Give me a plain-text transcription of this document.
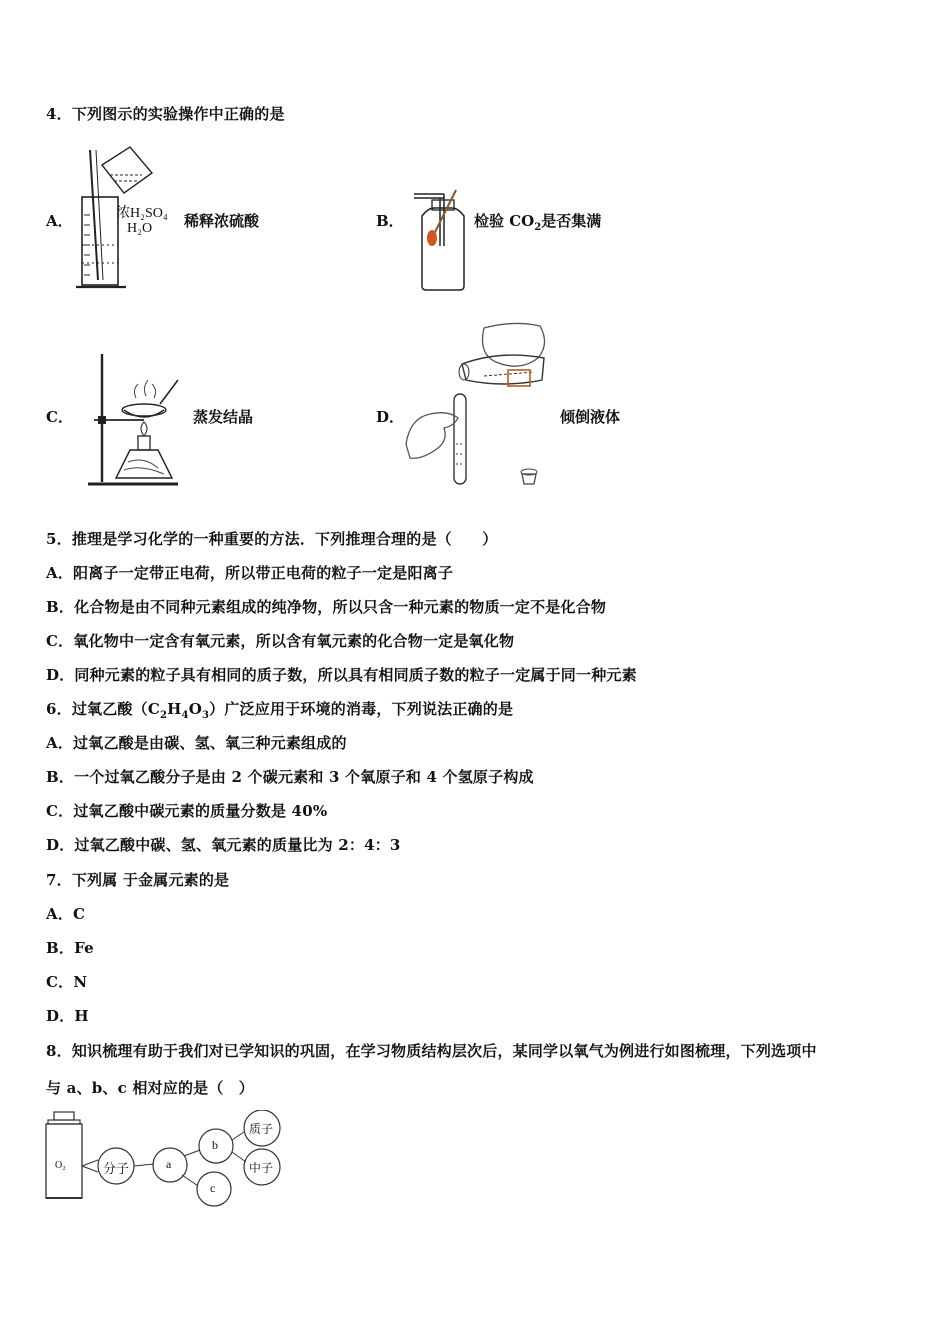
4．下列图示的实验操作中正确的是
A．	浓H₂SO₄
H₂O 稀释浓硫酸	B．	检验 $CO_2$是否集满
C．	蒸发结晶	D．	倾倒液体
5．推理是学习化学的一种重要的方法．下列推理合理的是（　　）
A．阳离子一定带正电荷，所以带正电荷的粒子一定是阳离子
B．化合物是由不同种元素组成的纯净物，所以只含一种元素的物质一定不是化合物
C．氧化物中一定含有氧元素，所以含有氧元素的化合物一定是氧化物
D．同种元素的粒子具有相同的质子数，所以具有相同质子数的粒子一定属于同一种元素
6．过氧乙酸$(C_2H_4O_3)$广泛应用于环境的消毒，下列说法正确的是
A．过氧乙酸是由碳、氢、氧三种元素组成的
B．一个过氧乙酸分子是由 2 个碳元素和 3 个氧原子和 4 个氢原子构成
C．过氧乙酸中碳元素的质量分数是 40%
D．过氧乙酸中碳、氢、氧元素的质量比为 2：4：3
7．下列属 于金属元素的是
A．C
B．Fe
C．N
D．H
8．知识梳理有助于我们对已学知识的巩固，在学习物质结构层次后，某同学以氧气为例进行如图梳理，下列选项中
与 a、b、c 相对应的是（　）
O₂	分子	a
b
c
质子
中子
